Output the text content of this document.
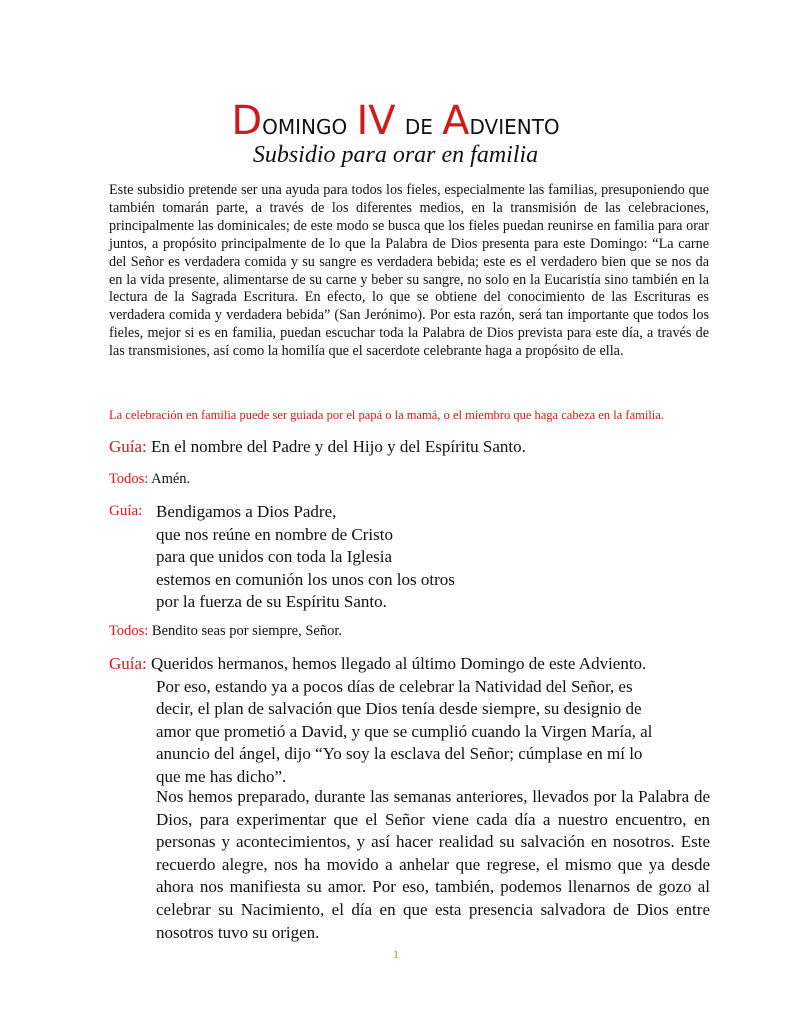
Domingo IV de Adviento
Subsidio para orar en familia
Este subsidio pretende ser una ayuda para todos los fieles, especialmente las familias, presuponiendo que también tomarán parte, a través de los diferentes medios, en la transmisión de las celebraciones, principalmente las dominicales; de este modo se busca que los fieles puedan reunirse en familia para orar juntos, a propósito principalmente de lo que la Palabra de Dios presenta para este Domingo: “La carne del Señor es verdadera comida y su sangre es verdadera bebida; este es el verdadero bien que se nos da en la vida presente, alimentarse de su carne y beber su sangre, no solo en la Eucaristía sino también en la lectura de la Sagrada Escritura. En efecto, lo que se obtiene del conocimiento de las Escrituras es verdadera comida y verdadera bebida” (San Jerónimo). Por esta razón, será tan importante que todos los fieles, mejor si es en familia, puedan escuchar toda la Palabra de Dios prevista para este día, a través de las transmisiones, así como la homilía que el sacerdote celebrante haga a propósito de ella.
La celebración en familia puede ser guiada por el papá o la mamá, o el miembro que haga cabeza en la familia.
Guía: En el nombre del Padre y del Hijo y del Espíritu Santo.
Todos: Amén.
Guía: Bendigamos a Dios Padre,
que nos reúne en nombre de Cristo
para que unidos con toda la Iglesia
estemos en comunión los unos con los otros
por la fuerza de su Espíritu Santo.
Todos: Bendito seas por siempre, Señor.
Guía: Queridos hermanos, hemos llegado al último Domingo de este Adviento.
Por eso, estando ya a pocos días de celebrar la Natividad del Señor, es
decir, el plan de salvación que Dios tenía desde siempre, su designio de
amor que prometió a David, y que se cumplió cuando la Virgen María, al
anuncio del ángel, dijo “Yo soy la esclava del Señor; cúmplase en mí lo
que me has dicho”.
Nos hemos preparado, durante las semanas anteriores, llevados por la Palabra de Dios, para experimentar que el Señor viene cada día a nuestro encuentro, en personas y acontecimientos, y así hacer realidad su salvación en nosotros. Este recuerdo alegre, nos ha movido a anhelar que regrese, el mismo que ya desde ahora nos manifiesta su amor. Por eso, también, podemos llenarnos de gozo al celebrar su Nacimiento, el día en que esta presencia salvadora de Dios entre nosotros tuvo su origen.
1
